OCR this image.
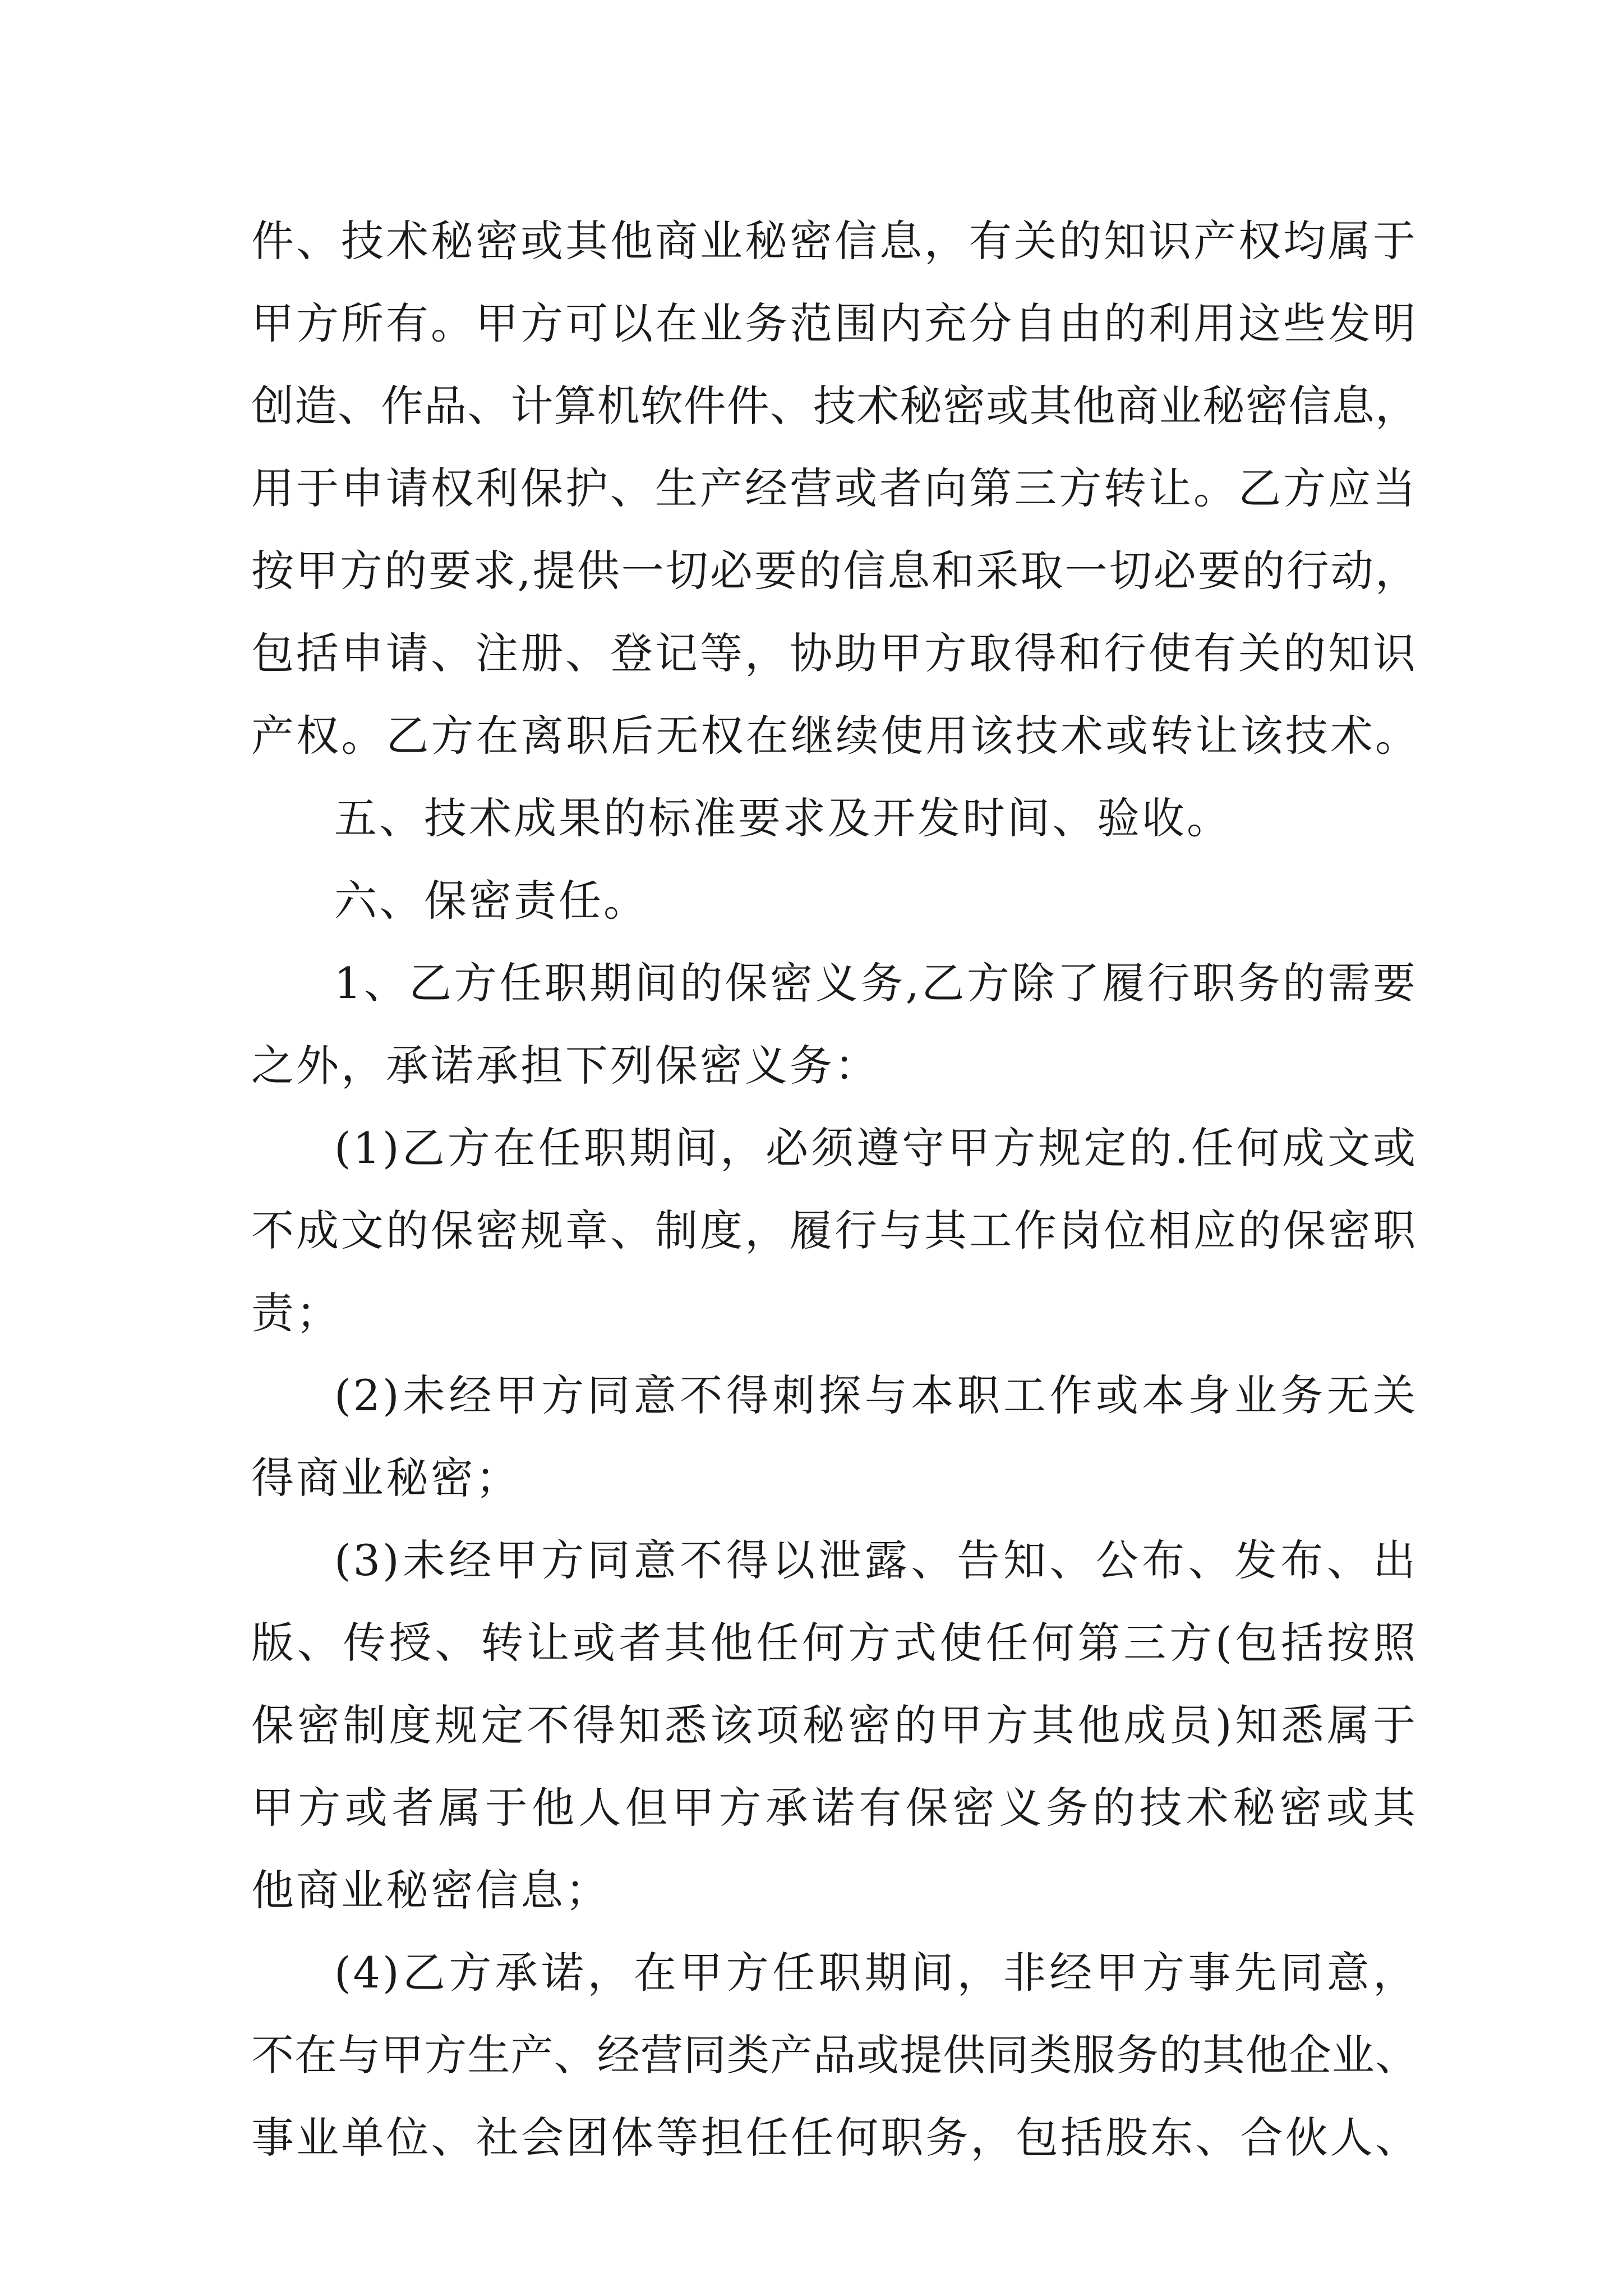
件、技术秘密或其他商业秘密信息，有关的知识产权均属于
甲方所有。甲方可以在业务范围内充分自由的利用这些发明
创造、作品、计算机软件件、技术秘密或其他商业秘密信息，
用于申请权利保护、生产经营或者向第三方转让。乙方应当
按甲方的要求,提供一切必要的信息和采取一切必要的行动，
包括申请、注册、登记等，协助甲方取得和行使有关的知识
产权。乙方在离职后无权在继续使用该技术或转让该技术。
五、技术成果的标准要求及开发时间、验收。
六、保密责任。
1、乙方任职期间的保密义务,乙方除了履行职务的需要
之外，承诺承担下列保密义务：
(1)乙方在任职期间，必须遵守甲方规定的.任何成文或
不成文的保密规章、制度，履行与其工作岗位相应的保密职
责；
(2)未经甲方同意不得刺探与本职工作或本身业务无关
得商业秘密；
(3)未经甲方同意不得以泄露、告知、公布、发布、出
版、传授、转让或者其他任何方式使任何第三方(包括按照
保密制度规定不得知悉该项秘密的甲方其他成员)知悉属于
甲方或者属于他人但甲方承诺有保密义务的技术秘密或其
他商业秘密信息；
(4)乙方承诺，在甲方任职期间，非经甲方事先同意，
不在与甲方生产、经营同类产品或提供同类服务的其他企业、
事业单位、社会团体等担任任何职务，包括股东、合伙人、
